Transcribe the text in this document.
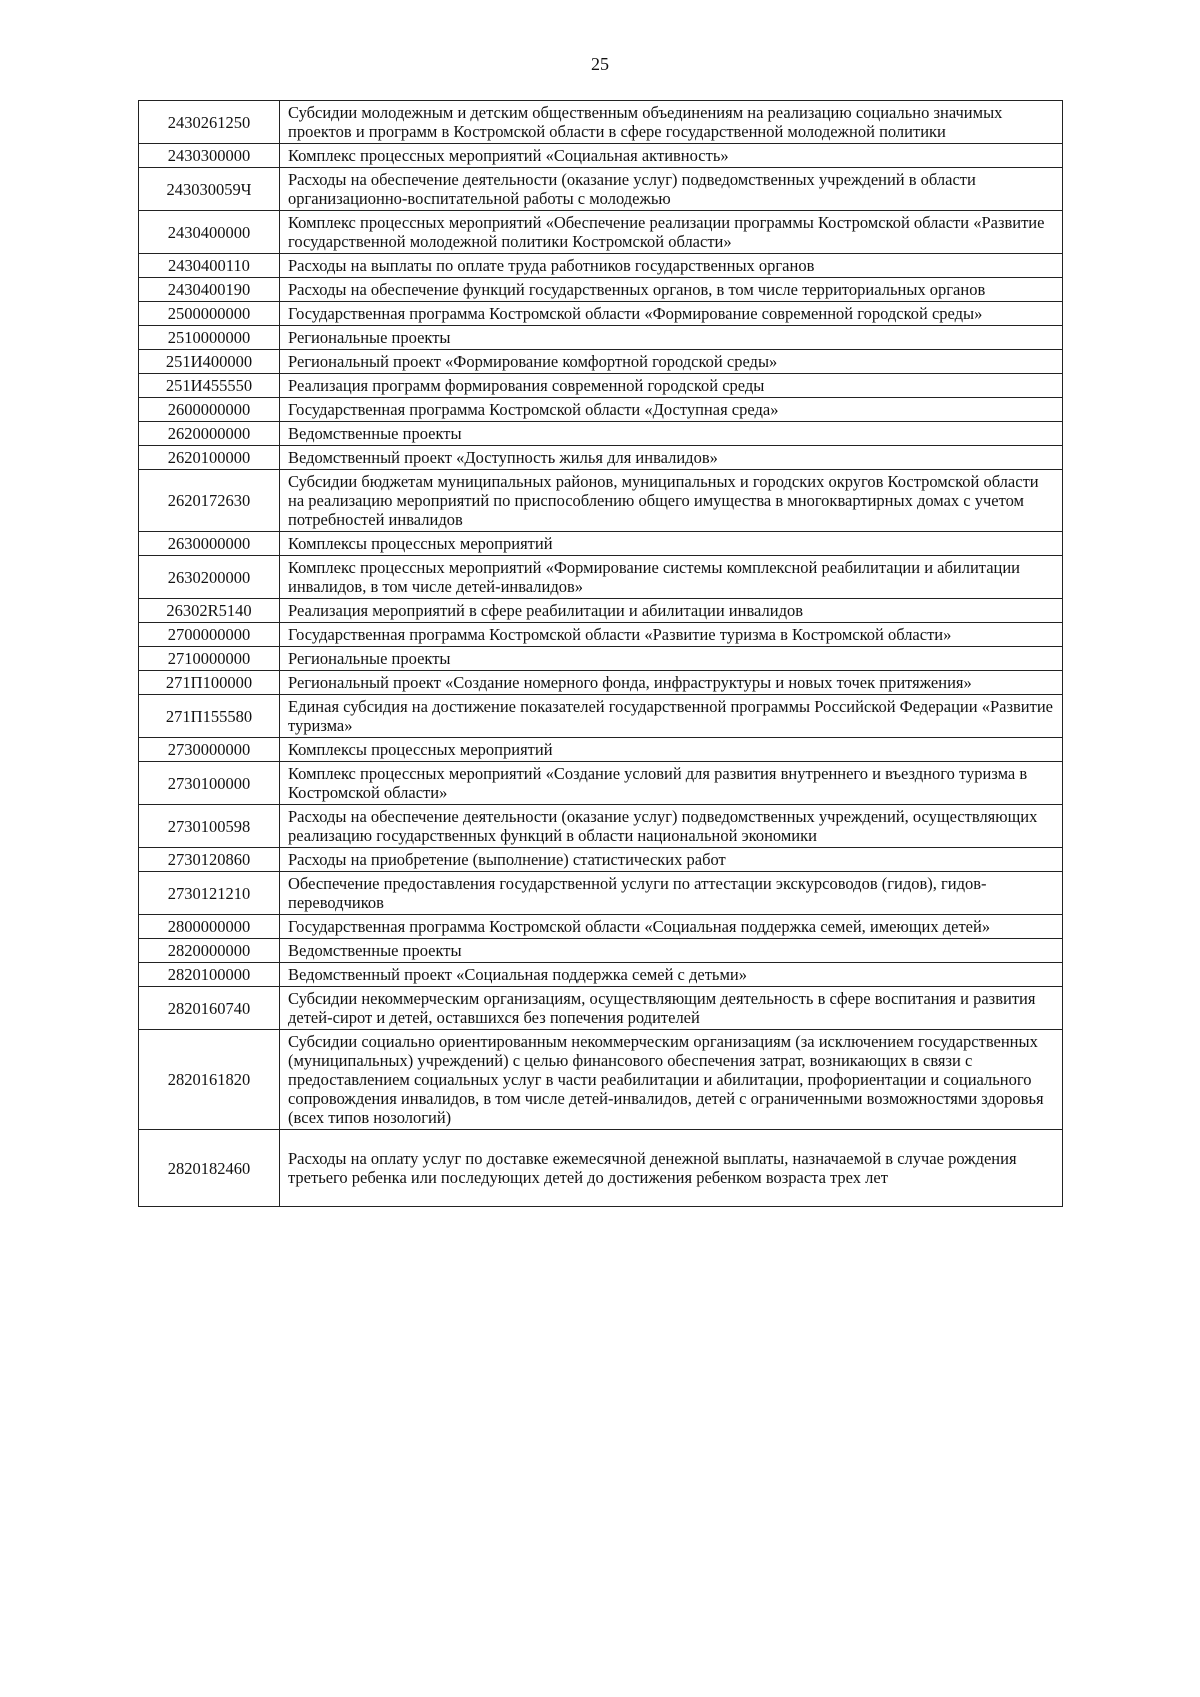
25
2430261250	Субсидии молодежным и детским общественным объединениям на реализацию социально значимых проектов и программ в Костромской области в сфере государственной молодежной политики
2430300000	Комплекс процессных мероприятий «Социальная активность»
243030059Ч	Расходы на обеспечение деятельности (оказание услуг) подведомственных учреждений в области организационно-воспитательной работы с молодежью
2430400000	Комплекс процессных мероприятий «Обеспечение реализации программы Костромской области «Развитие государственной молодежной политики Костромской области»
2430400110	Расходы на выплаты по оплате труда работников государственных органов
2430400190	Расходы на обеспечение функций государственных органов, в том числе территориальных органов
2500000000	Государственная программа Костромской области «Формирование современной городской среды»
2510000000	Региональные проекты
251И400000	Региональный проект «Формирование комфортной городской среды»
251И455550	Реализация программ формирования современной городской среды
2600000000	Государственная программа Костромской области «Доступная среда»
2620000000	Ведомственные проекты
2620100000	Ведомственный проект «Доступность жилья для инвалидов»
2620172630	Субсидии бюджетам муниципальных районов, муниципальных и городских округов Костромской области на реализацию мероприятий по приспособлению общего имущества в многоквартирных домах с учетом потребностей инвалидов
2630000000	Комплексы процессных мероприятий
2630200000	Комплекс процессных мероприятий «Формирование системы комплексной реабилитации и абилитации инвалидов, в том числе детей-инвалидов»
26302R5140	Реализация мероприятий в сфере реабилитации и абилитации инвалидов
2700000000	Государственная программа Костромской области «Развитие туризма в Костромской области»
2710000000	Региональные проекты
271П100000	Региональный проект «Создание номерного фонда, инфраструктуры и новых точек притяжения»
271П155580	Единая субсидия на достижение показателей государственной программы Российской Федерации «Развитие туризма»
2730000000	Комплексы процессных мероприятий
2730100000	Комплекс процессных мероприятий «Создание условий для развития внутреннего и въездного туризма в Костромской области»
2730100598	Расходы на обеспечение деятельности (оказание услуг) подведомственных учреждений, осуществляющих реализацию государственных функций в области национальной экономики
2730120860	Расходы на приобретение (выполнение) статистических работ
2730121210	Обеспечение предоставления государственной услуги по аттестации экскурсоводов (гидов), гидов-переводчиков
2800000000	Государственная программа Костромской области «Социальная поддержка семей, имеющих детей»
2820000000	Ведомственные проекты
2820100000	Ведомственный проект «Социальная поддержка семей с детьми»
2820160740	Субсидии некоммерческим организациям, осуществляющим деятельность в сфере воспитания и развития детей-сирот и детей, оставшихся без попечения родителей
2820161820	Субсидии социально ориентированным некоммерческим организациям (за исключением государственных (муниципальных) учреждений) с целью финансового обеспечения затрат, возникающих в связи с предоставлением социальных услуг в части реабилитации и абилитации, профориентации и социального сопровождения инвалидов, в том числе детей-инвалидов, детей с ограниченными возможностями здоровья (всех типов нозологий)
2820182460	Расходы на оплату услуг по доставке ежемесячной денежной выплаты, назначаемой в случае рождения третьего ребенка или последующих детей до достижения ребенком возраста трех лет
